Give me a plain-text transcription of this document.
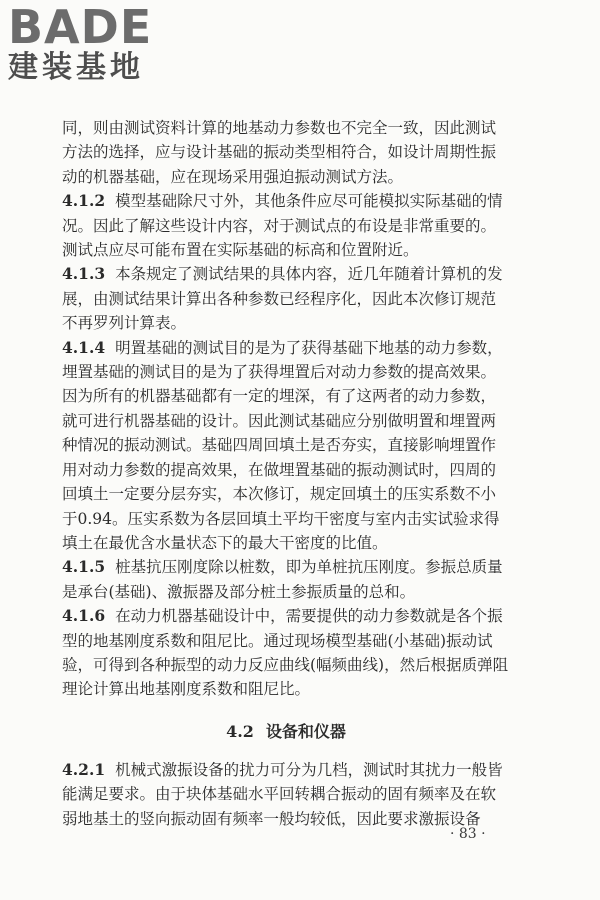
BADE
建装基地

同，则由测试资料计算的地基动力参数也不完全一致，因此测试方法的选择，应与设计基础的振动类型相符合，如设计周期性振动的机器基础，应在现场采用强迫振动测试方法。

4.1.2 模型基础除尺寸外，其他条件应尽可能模拟实际基础的情况。因此了解这些设计内容，对于测试点的布设是非常重要的。测试点应尽可能布置在实际基础的标高和位置附近。

4.1.3 本条规定了测试结果的具体内容，近几年随着计算机的发展，由测试结果计算出各种参数已经程序化，因此本次修订规范不再罗列计算表。

4.1.4 明置基础的测试目的是为了获得基础下地基的动力参数，埋置基础的测试目的是为了获得埋置后对动力参数的提高效果。因为所有的机器基础都有一定的埋深，有了这两者的动力参数，就可进行机器基础的设计。因此测试基础应分别做明置和埋置两种情况的振动测试。基础四周回填土是否夯实，直接影响埋置作用对动力参数的提高效果，在做埋置基础的振动测试时，四周的回填土一定要分层夯实，本次修订，规定回填土的压实系数不小于0.94。压实系数为各层回填土平均干密度与室内击实试验求得填土在最优含水量状态下的最大干密度的比值。

4.1.5 桩基抗压刚度除以桩数，即为单桩抗压刚度。参振总质量是承台(基础)、激振器及部分桩土参振质量的总和。

4.1.6 在动力机器基础设计中，需要提供的动力参数就是各个振型的地基刚度系数和阻尼比。通过现场模型基础(小基础)振动试验，可得到各种振型的动力反应曲线(幅频曲线)，然后根据质弹阻理论计算出地基刚度系数和阻尼比。

4.2 设备和仪器

4.2.1 机械式激振设备的扰力可分为几档，测试时其扰力一般皆能满足要求。由于块体基础水平回转耦合振动的固有频率及在软弱地基土的竖向振动固有频率一般均较低，因此要求激振设备

· 83 ·
